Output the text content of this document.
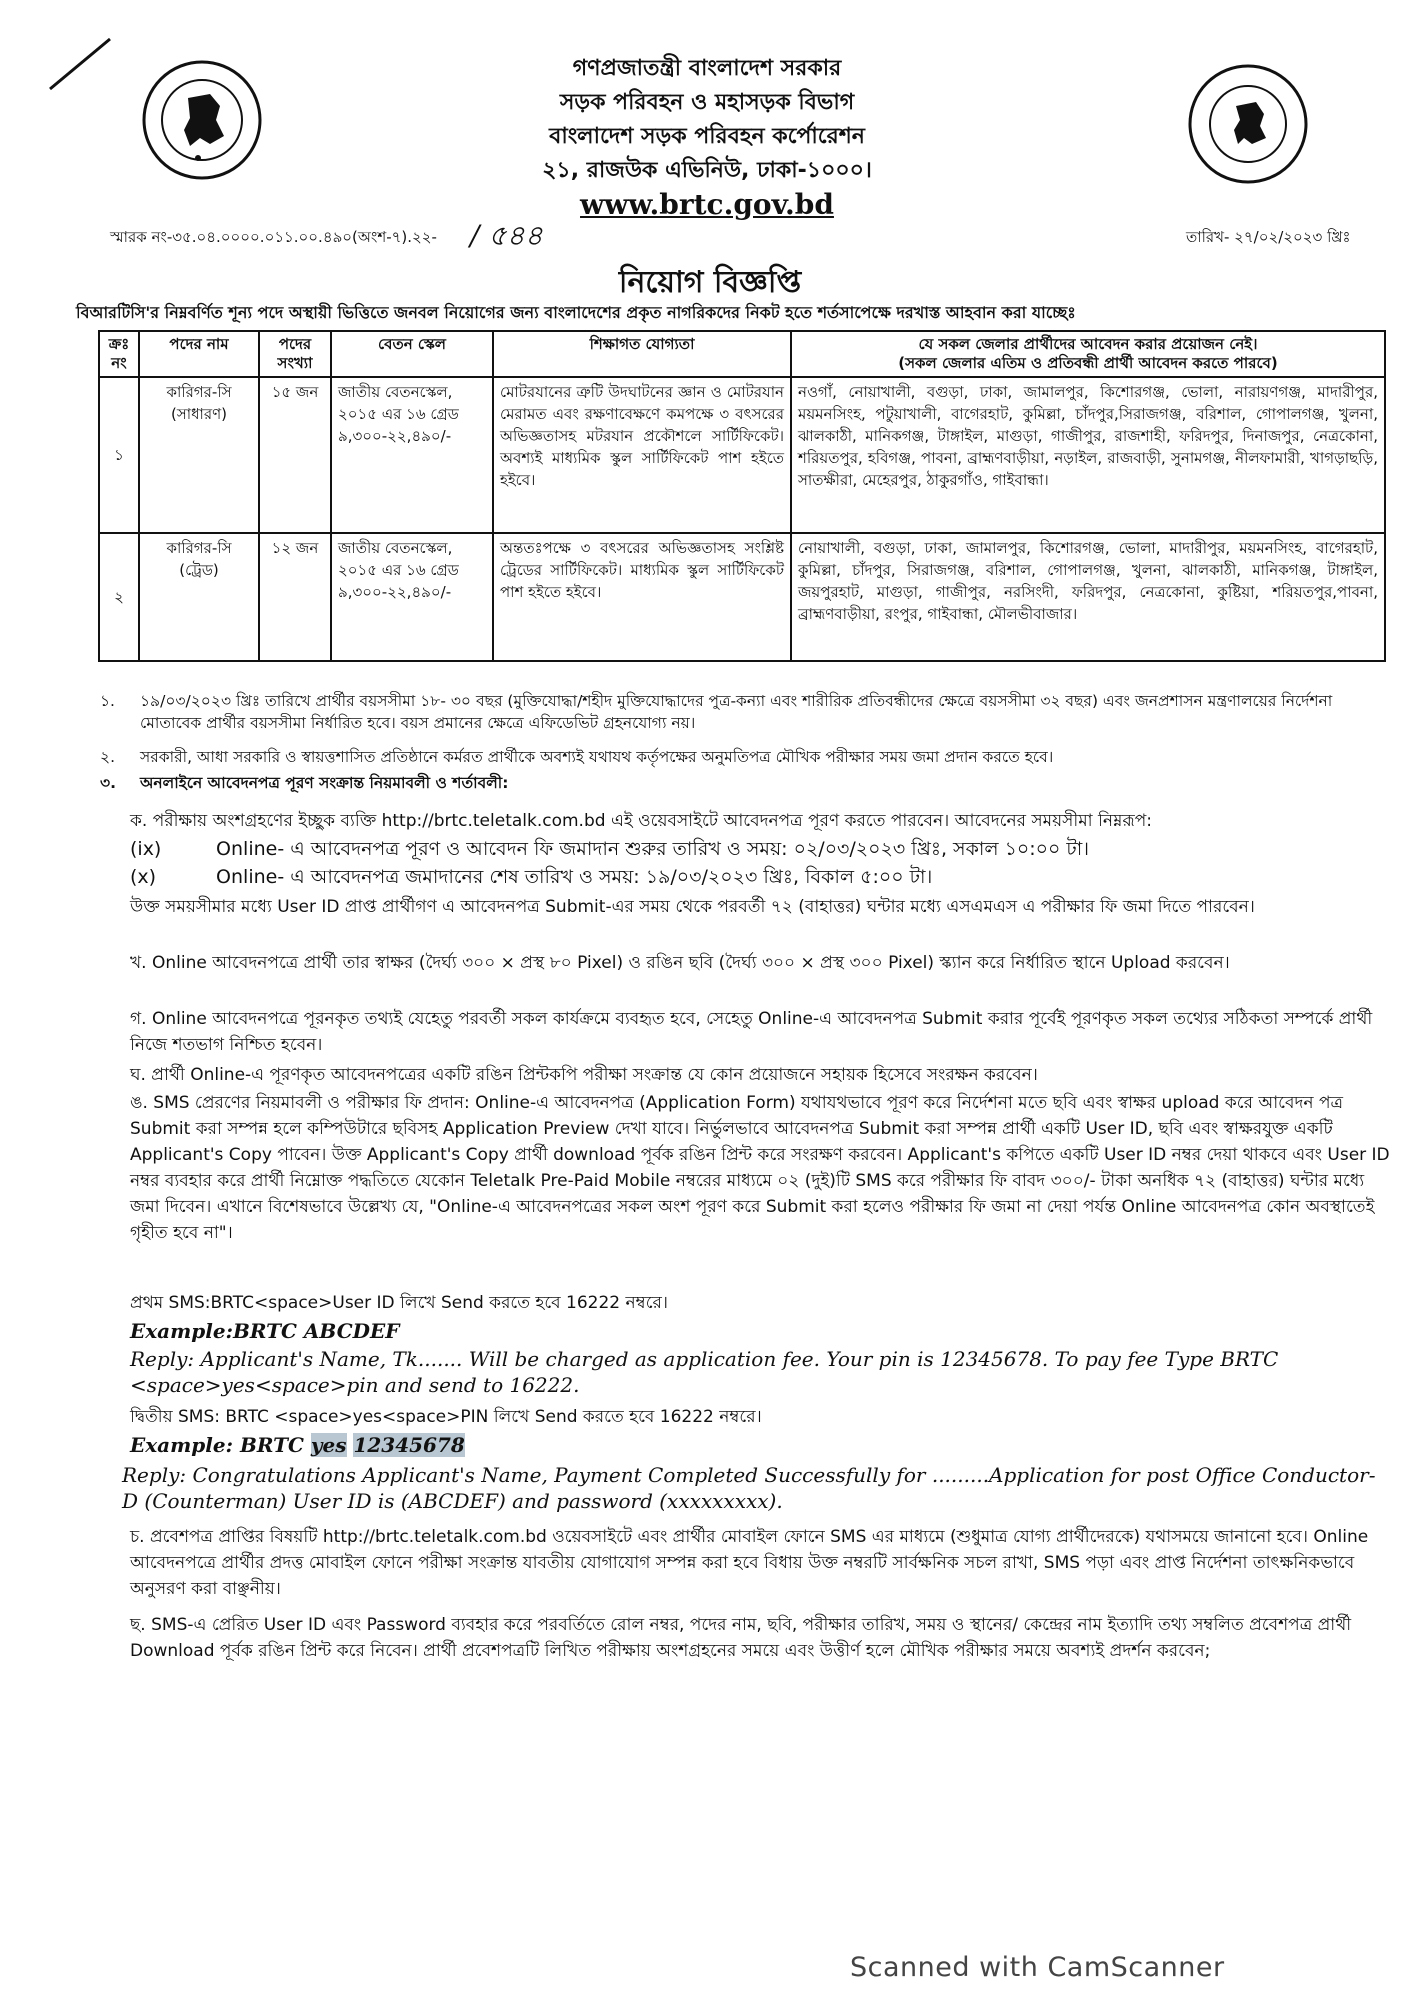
গণপ্রজাতন্ত্রী বাংলাদেশ সরকার
সড়ক পরিবহন ও মহাসড়ক বিভাগ
বাংলাদেশ সড়ক পরিবহন কর্পোরেশন
২১, রাজউক এভিনিউ, ঢাকা-১০০০।
www.brtc.gov.bd
স্মারক নং-৩৫.০৪.০০০০.০১১.০০.৪৯০(অংশ-৭).২২- / ৫৪৪	তারিখ- ২৭/০২/২০২৩ খ্রিঃ
নিয়োগ বিজ্ঞপ্তি
বিআরটিসি'র নিম্নবর্ণিত শূন্য পদে অস্থায়ী ভিত্তিতে জনবল নিয়োগের জন্য বাংলাদেশের প্রকৃত নাগরিকদের নিকট হতে শর্তসাপেক্ষে দরখাস্ত আহবান করা যাচ্ছেঃ
ক্রঃ নং	পদের নাম	পদের সংখ্যা	বেতন স্কেল	শিক্ষাগত যোগ্যতা	যে সকল জেলার প্রার্থীদের আবেদন করার প্রয়োজন নেই।
(সকল জেলার এতিম ও প্রতিবন্ধী প্রার্থী আবেদন করতে পারবে)

১	কারিগর-সি (সাধারণ)	১৫ জন	জাতীয় বেতনস্কেল, ২০১৫ এর ১৬ গ্রেড ৯,৩০০-২২,৪৯০/-	মোটরযানের ত্রুটি উদঘাটনের জ্ঞান ও মোটরযান মেরামত এবং রক্ষণাবেক্ষণে কমপক্ষে ৩ বৎসরের অভিজ্ঞতাসহ মটরযান প্রকৌশলে সার্টিফিকেট। অবশ্যই মাধ্যমিক স্কুল সার্টিফিকেট পাশ হইতে হইবে।	নওগাঁ, নোয়াখালী, বগুড়া, ঢাকা, জামালপুর, কিশোরগঞ্জ, ভোলা, নারায়ণগঞ্জ, মাদারীপুর, ময়মনসিংহ, পটুয়াখালী, বাগেরহাট, কুমিল্লা, চাঁদপুর,সিরাজগঞ্জ, বরিশাল, গোপালগঞ্জ, খুলনা, ঝালকাঠী, মানিকগঞ্জ, টাঙ্গাইল, মাগুড়া, গাজীপুর, রাজশাহী, ফরিদপুর, দিনাজপুর, নেত্রকোনা, শরিয়তপুর, হবিগঞ্জ, পাবনা, ব্রাহ্মণবাড়ীয়া, নড়াইল, রাজবাড়ী, সুনামগঞ্জ, নীলফামারী, খাগড়াছড়ি, সাতক্ষীরা, মেহেরপুর, ঠাকুরগাঁও, গাইবান্ধা।
২	কারিগর-সি (ট্রেড)	১২ জন	জাতীয় বেতনস্কেল, ২০১৫ এর ১৬ গ্রেড ৯,৩০০-২২,৪৯০/-	অন্ততঃপক্ষে ৩ বৎসরের অভিজ্ঞতাসহ সংশ্লিষ্ট ট্রেডের সার্টিফিকেট। মাধ্যমিক স্কুল সার্টিফিকেট পাশ হইতে হইবে।	নোয়াখালী, বগুড়া, ঢাকা, জামালপুর, কিশোরগঞ্জ, ভোলা, মাদারীপুর, ময়মনসিংহ, বাগেরহাট, কুমিল্লা, চাঁদপুর, সিরাজগঞ্জ, বরিশাল, গোপালগঞ্জ, খুলনা, ঝালকাঠী, মানিকগঞ্জ, টাঙ্গাইল, জয়পুরহাট, মাগুড়া, গাজীপুর, নরসিংদী, ফরিদপুর, নেত্রকোনা, কুষ্টিয়া, শরিয়তপুর,পাবনা, ব্রাহ্মণবাড়ীয়া, রংপুর, গাইবান্ধা, মৌলভীবাজার।
১. ১৯/০৩/২০২৩ খ্রিঃ তারিখে প্রার্থীর বয়সসীমা ১৮- ৩০ বছর (মুক্তিযোদ্ধা/শহীদ মুক্তিযোদ্ধাদের পুত্র-কন্যা এবং শারীরিক প্রতিবন্ধীদের ক্ষেত্রে বয়সসীমা ৩২ বছর) এবং জনপ্রশাসন মন্ত্রণালয়ের নির্দেশনা মোতাবেক প্রার্থীর বয়সসীমা নির্ধারিত হবে। বয়স প্রমানের ক্ষেত্রে এফিডেভিট গ্রহনযোগ্য নয়।
২. সরকারী, আধা সরকারি ও স্বায়ত্তশাসিত প্রতিষ্ঠানে কর্মরত প্রার্থীকে অবশ্যই যথাযথ কর্তৃপক্ষের অনুমতিপত্র মৌখিক পরীক্ষার সময় জমা প্রদান করতে হবে।
৩. অনলাইনে আবেদনপত্র পূরণ সংক্রান্ত নিয়মাবলী ও শর্তাবলী:
ক. পরীক্ষায় অংশগ্রহণের ইচ্ছুক ব্যক্তি http://brtc.teletalk.com.bd এই ওয়েবসাইটে আবেদনপত্র পূরণ করতে পারবেন। আবেদনের সময়সীমা নিম্নরূপ:
(ix)	Online- এ আবেদনপত্র পূরণ ও আবেদন ফি জমাদান শুরুর তারিখ ও সময়: ০২/০৩/২০২৩ খ্রিঃ, সকাল ১০:০০ টা।
(x)	Online- এ আবেদনপত্র জমাদানের শেষ তারিখ ও সময়: ১৯/০৩/২০২৩ খ্রিঃ, বিকাল ৫:০০ টা।
উক্ত সময়সীমার মধ্যে User ID প্রাপ্ত প্রার্থীগণ এ আবেদনপত্র Submit-এর সময় থেকে পরবর্তী ৭২ (বাহাত্তর) ঘন্টার মধ্যে এসএমএস এ পরীক্ষার ফি জমা দিতে পারবেন।
খ. Online আবেদনপত্রে প্রার্থী তার স্বাক্ষর (দৈর্ঘ্য ৩০০ × প্রস্থ ৮০ Pixel) ও রঙিন ছবি (দৈর্ঘ্য ৩০০ × প্রস্থ ৩০০ Pixel) স্ক্যান করে নির্ধারিত স্থানে Upload করবেন।
গ. Online আবেদনপত্রে পূরনকৃত তথ্যই যেহেতু পরবর্তী সকল কার্যক্রমে ব্যবহৃত হবে, সেহেতু Online-এ আবেদনপত্র Submit করার পূর্বেই পূরণকৃত সকল তথ্যের সঠিকতা সম্পর্কে প্রার্থী নিজে শতভাগ নিশ্চিত হবেন।
ঘ. প্রার্থী Online-এ পূরণকৃত আবেদনপত্রের একটি রঙিন প্রিন্টকপি পরীক্ষা সংক্রান্ত যে কোন প্রয়োজনে সহায়ক হিসেবে সংরক্ষন করবেন।
ঙ. SMS প্রেরণের নিয়মাবলী ও পরীক্ষার ফি প্রদান: Online-এ আবেদনপত্র (Application Form) যথাযথভাবে পূরণ করে নির্দেশনা মতে ছবি এবং স্বাক্ষর upload করে আবেদন পত্র Submit করা সম্পন্ন হলে কম্পিউটারে ছবিসহ Application Preview দেখা যাবে। নির্ভুলভাবে আবেদনপত্র Submit করা সম্পন্ন প্রার্থী একটি User ID, ছবি এবং স্বাক্ষরযুক্ত একটি Applicant's Copy পাবেন। উক্ত Applicant's Copy প্রার্থী download পূর্বক রঙিন প্রিন্ট করে সংরক্ষণ করবেন। Applicant's কপিতে একটি User ID নম্বর দেয়া থাকবে এবং User ID নম্বর ব্যবহার করে প্রার্থী নিম্নোক্ত পদ্ধতিতে যেকোন Teletalk Pre-Paid Mobile নম্বরের মাধ্যমে ০২ (দুই)টি SMS করে পরীক্ষার ফি বাবদ ৩০০/- টাকা অনধিক ৭২ (বাহাত্তর) ঘন্টার মধ্যে জমা দিবেন। এখানে বিশেষভাবে উল্লেখ্য যে, "Online-এ আবেদনপত্রের সকল অংশ পূরণ করে Submit করা হলেও পরীক্ষার ফি জমা না দেয়া পর্যন্ত Online আবেদনপত্র কোন অবস্থাতেই গৃহীত হবে না"।
প্রথম SMS:BRTC<space>User ID লিখে Send করতে হবে 16222 নম্বরে।
Example:BRTC ABCDEF
Reply: Applicant's Name, Tk....... Will be charged as application fee. Your pin is 12345678. To pay fee Type BRTC <space>yes<space>pin and send to 16222.
দ্বিতীয় SMS: BRTC <space>yes<space>PIN লিখে Send করতে হবে 16222 নম্বরে।
Example: BRTC yes 12345678
Reply: Congratulations Applicant's Name, Payment Completed Successfully for .........Application for post Office Conductor-D (Counterman) User ID is (ABCDEF) and password (xxxxxxxxx).
চ. প্রবেশপত্র প্রাপ্তির বিষয়টি http://brtc.teletalk.com.bd ওয়েবসাইটে এবং প্রার্থীর মোবাইল ফোনে SMS এর মাধ্যমে (শুধুমাত্র যোগ্য প্রার্থীদেরকে) যথাসময়ে জানানো হবে। Online আবেদনপত্রে প্রার্থীর প্রদত্ত মোবাইল ফোনে পরীক্ষা সংক্রান্ত যাবতীয় যোগাযোগ সম্পন্ন করা হবে বিধায় উক্ত নম্বরটি সার্বক্ষনিক সচল রাখা, SMS পড়া এবং প্রাপ্ত নির্দেশনা তাৎক্ষনিকভাবে অনুসরণ করা বাঞ্ছনীয়।
ছ. SMS-এ প্রেরিত User ID এবং Password ব্যবহার করে পরবর্তিতে রোল নম্বর, পদের নাম, ছবি, পরীক্ষার তারিখ, সময় ও স্থানের/ কেন্দ্রের নাম ইত্যাদি তথ্য সম্বলিত প্রবেশপত্র প্রার্থী Download পূর্বক রঙিন প্রিন্ট করে নিবেন। প্রার্থী প্রবেশপত্রটি লিখিত পরীক্ষায় অংশগ্রহনের সময়ে এবং উত্তীর্ণ হলে মৌখিক পরীক্ষার সময়ে অবশ্যই প্রদর্শন করবেন;
Scanned with CamScanner
